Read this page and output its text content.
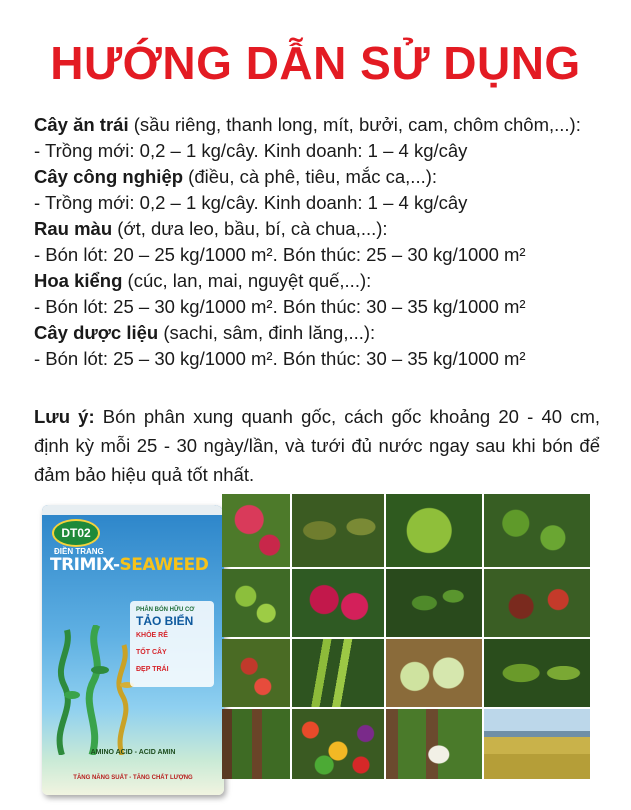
HƯỚNG DẪN SỬ DỤNG
Cây ăn trái (sầu riêng, thanh long, mít, bưởi, cam, chôm chôm,...):
- Trồng mới: 0,2 – 1 kg/cây. Kinh doanh: 1 – 4 kg/cây
Cây công nghiệp (điều, cà phê, tiêu, mắc ca,...):
- Trồng mới: 0,2 – 1 kg/cây. Kinh doanh: 1 – 4 kg/cây
Rau màu (ớt, dưa leo, bầu, bí, cà chua,...):
- Bón lót: 20 – 25 kg/1000 m². Bón thúc: 25 – 30 kg/1000 m²
Hoa kiểng (cúc, lan, mai, nguyệt quế,...):
- Bón lót: 25 – 30 kg/1000 m². Bón thúc: 30 – 35 kg/1000 m²
Cây dược liệu (sachi, sâm, đinh lăng,...):
- Bón lót: 25 – 30 kg/1000 m². Bón thúc: 30 – 35 kg/1000 m²
Lưu ý: Bón phân xung quanh gốc, cách gốc khoảng 20 - 40 cm, định kỳ mỗi 25 - 30 ngày/lần, và tưới đủ nước ngay sau khi bón để đảm bảo hiệu quả tốt nhất.
DT02
ĐIỀN TRANG
TRIMIX-SEAWEED
PHÂN BÓN HỮU CƠ
TẢO BIỂN
KHỎE RỄ
TỐT CÂY
ĐẸP TRÁI
AMINO ACID - ACID AMIN
TĂNG NĂNG SUẤT - TĂNG CHẤT LƯỢNG
